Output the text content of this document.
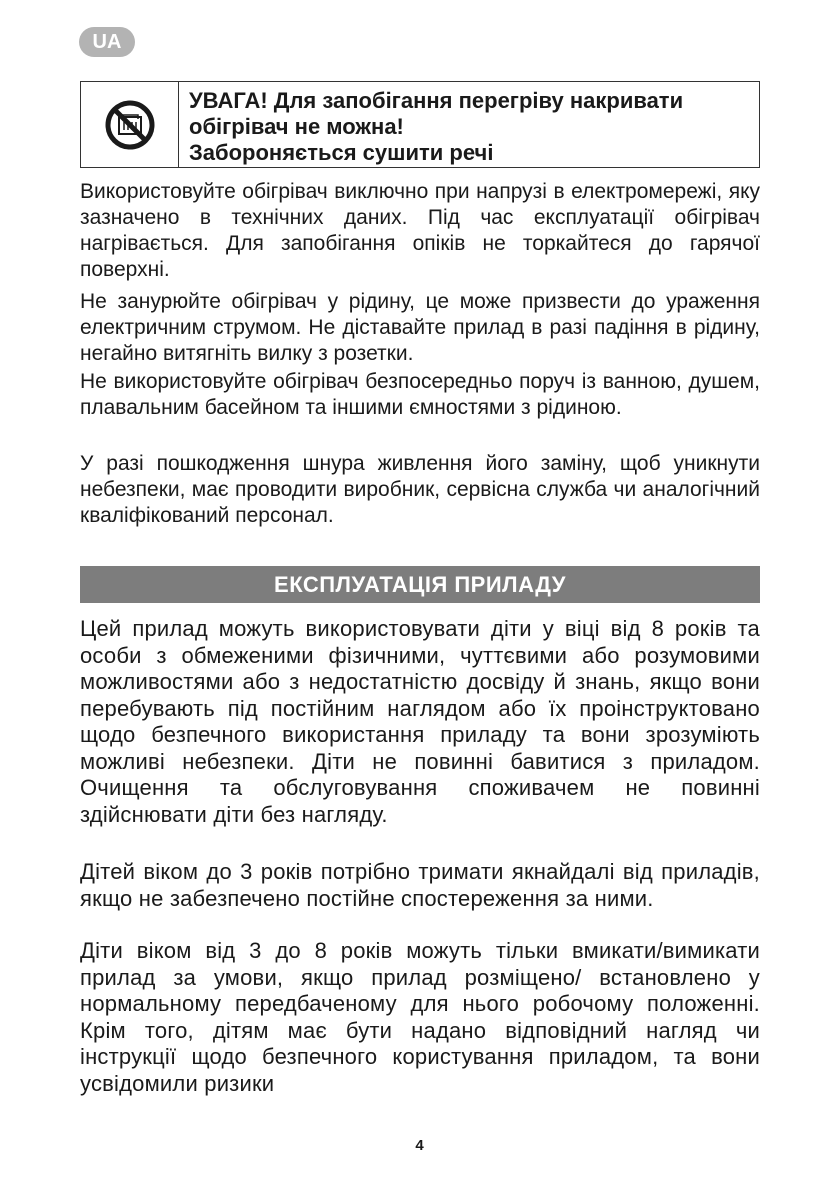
UA
УВАГА! Для запобігання перегріву накривати
обігрівач не можна!
Забороняється сушити речі
Використовуйте обігрівач виключно при напрузі в електромережі, яку зазначено в технічних даних. Під час експлуатації обігрівач нагрівається. Для запобігання опіків не торкайтеся до гарячої поверхні.
Не занурюйте обігрівач у рідину, це може призвести до ураження електричним струмом. Не діставайте прилад в разі падіння в рідину, негайно витягніть вилку з розетки.
Не використовуйте обігрівач безпосередньо поруч із ванною, душем, плавальним басейном та іншими ємностями з рідиною.
У разі пошкодження шнура живлення його заміну, щоб уникнути небезпеки, має проводити виробник, сервісна служба чи аналогічний кваліфікований персонал.
ЕКСПЛУАТАЦІЯ ПРИЛАДУ
Цей прилад можуть використовувати діти у віці від 8 років та особи з обмеженими фізичними, чуттєвими або розумовими можливостями або з недостатністю досвіду й знань, якщо вони перебувають під постійним наглядом або їх проінструктовано щодо безпечного використання приладу та вони зрозуміють можливі небезпеки. Діти не повинні бавитися з приладом. Очищення та обслуговування споживачем не повинні здійснювати діти без нагляду.
Дітей віком до 3 років потрібно тримати якнайдалі від приладів, якщо не забезпечено постійне спостереження за ними.
Діти віком від 3 до 8 років можуть тільки вмикати/вимикати прилад за умови, якщо прилад розміщено/ встановлено у нормальному передбаченому для нього робочому положенні. Крім того, дітям має бути надано відповідний нагляд чи інструкції щодо безпечного користування приладом, та вони усвідомили ризики
4
